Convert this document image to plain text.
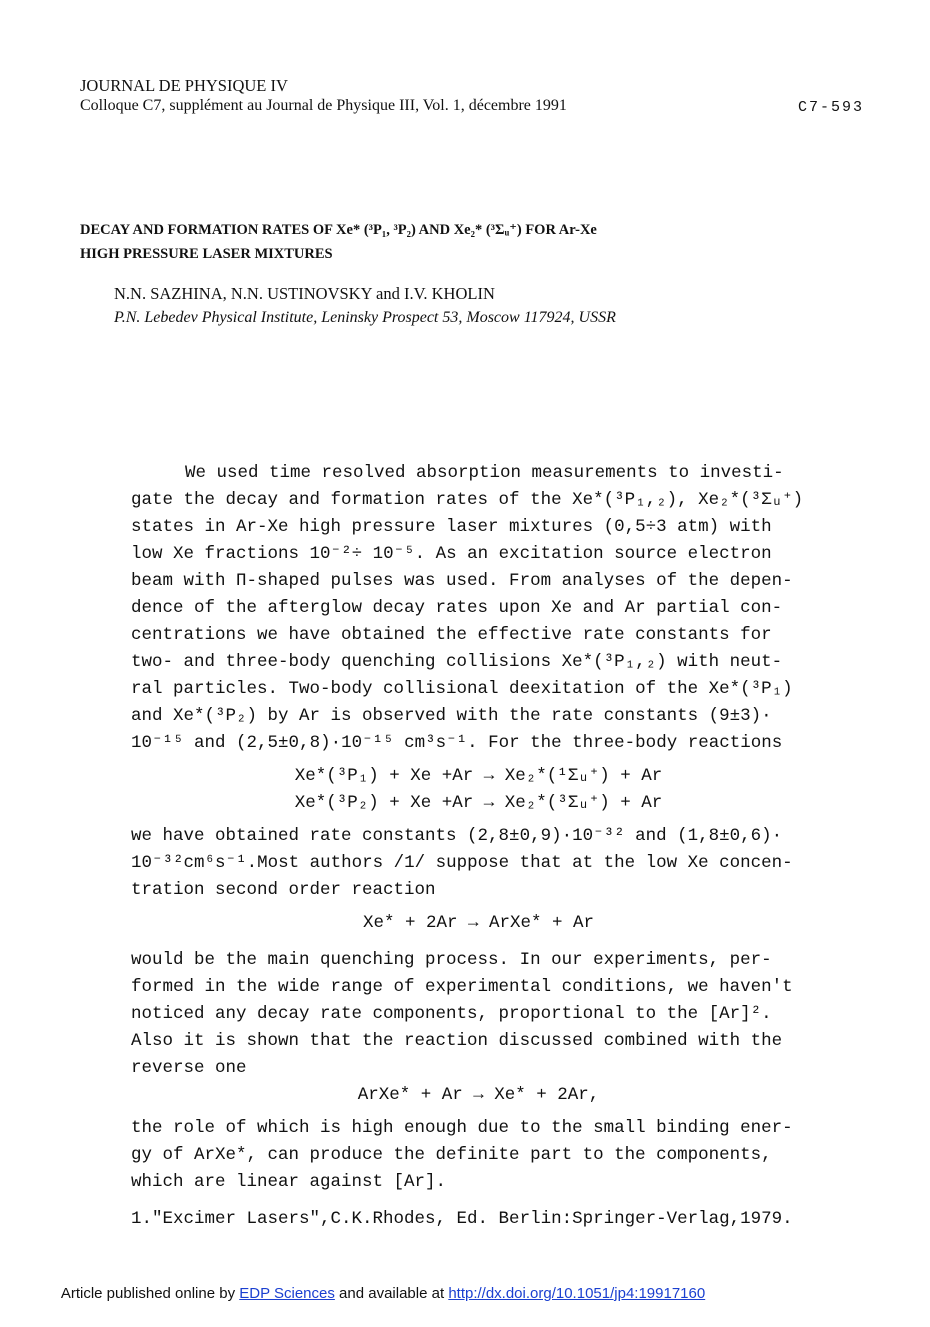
JOURNAL DE PHYSIQUE IV
Colloque C7, supplément au Journal de Physique III, Vol. 1, décembre 1991	C7-593
DECAY AND FORMATION RATES OF Xe* (³P₁, ³P₂) AND Xe₂* (³Σᵤ⁺) FOR Ar-Xe
HIGH PRESSURE LASER MIXTURES
N.N. SAZHINA, N.N. USTINOVSKY and I.V. KHOLIN
P.N. Lebedev Physical Institute, Leninsky Prospect 53, Moscow 117924, USSR
We used time resolved absorption measurements to investi-
gate the decay and formation rates of the Xe*(³P₁,₂), Xe₂*(³Σᵤ⁺)
states in Ar-Xe high pressure laser mixtures (0,5÷3 atm) with
low Xe fractions 10⁻²÷ 10⁻⁵. As an excitation source electron
beam with Π-shaped pulses was used. From analyses of the depen-
dence of the afterglow decay rates upon Xe and Ar partial con-
centrations we have obtained the effective rate constants for
two- and three-body quenching collisions Xe*(³P₁,₂) with neut-
ral particles. Two-body collisional deexitation of the Xe*(³P₁)
and Xe*(³P₂) by Ar is observed with the rate constants (9±3)·
10⁻¹⁵ and (2,5±0,8)·10⁻¹⁵ cm³s⁻¹. For the three-body reactions
Xe*(³P₁) + Xe +Ar → Xe₂*(¹Σᵤ⁺) + Ar
Xe*(³P₂) + Xe +Ar → Xe₂*(³Σᵤ⁺) + Ar
we have obtained rate constants (2,8±0,9)·10⁻³² and (1,8±0,6)·
10⁻³²cm⁶s⁻¹.Most authors /1/ suppose that at the low Xe concen-
tration second order reaction
Xe* + 2Ar → ArXe* + Ar
would be the main quenching process. In our experiments, per-
formed in the wide range of experimental conditions, we haven't
noticed any decay rate components, proportional to the [Ar]².
Also it is shown that the reaction discussed combined with the
reverse one
ArXe* + Ar → Xe* + 2Ar,
the role of which is high enough due to the small binding ener-
gy of ArXe*, can produce the definite part to the components,
which are linear against [Ar].
1."Excimer Lasers",C.K.Rhodes, Ed. Berlin:Springer-Verlag,1979.
Article published online by EDP Sciences and available at http://dx.doi.org/10.1051/jp4:19917160
